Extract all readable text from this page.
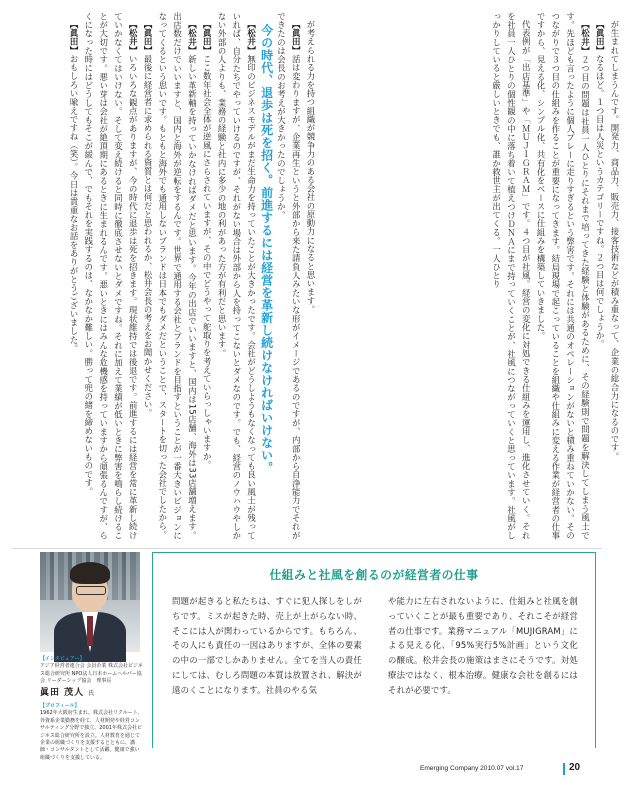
が考えられる力を持つ組織が競争力のある会社の原動力になると思います。

【眞田】話は変わりますが、企業再生というと外部から来た請負人みたいな形がイメージであるのですが、内部から自浄能力でそれができたのは会長のお考えが大きかったのでしょうか。

今の時代、退歩は死を招く。前進するには経営を革新し続けなければいけない。

【松井】無印のビジネスモデルがまだ生命力を持っていたことが大きかったです。会社がどうしようもなくなっても良い風土が残っていれば、自分たちでやっていけるのですが、それがない場合は外部から人を持ってこないとダメなのです。でも、経営のノウハウやしかない外部の人よりも、業務の経験と社内に多少の地の利があった方が有利だと思います。

【眞田】ここ数年社会全体が逆風にさらされていますが、その中でどうやって舵取りを考えていらっしゃいますか。

【松井】新しい革新軸を持っていかなければダメだと思います。今年の出店でいいますと、国内は15店舗、海外は33店舗増えます。出店数だけでいいますと、国内と海外が逆転をするんです。世界で通用する会社とブランドを目指すということが一番大きいビジョンになってくるという思いです。もともと海外でも通用しないブランドは日本でもダメだということで、スタートを切った会社でしたから。

【眞田】最後に経営者に求められる資質とは何だと思われるか、松井会長の考えをお聞かせください。

【松井】いろいろな観点がありますが、今の時代に退歩は死を招きます。現状維持では後退です。前進するには経営を常に革新し続けていかなくてはいけない。そして変え続けると同時に徹底させないとダメですね。それに加えて業績が低いときに弊害を鳴らし続けることが大切です。悪い芽は会社が絶頂期にあるときに生まれるんです。悪いときにはみんな危機感を持っていますから頑張るんですが、らくになった時にはどうしてもそこが緩んで、でもそれを実践するのは、なかなか難しい。勝って兜の緒を締めないものです。

【眞田】おもしろい喩えですね（笑）。今日は貴重なお話をありがとうございました。	が生まれてしまうんです。開発力、商品力、販売力、接客技術などが積み重なって、企業の総合力になるのです。

【眞田】なるほど。１つ目は人災というカテゴリーですね。２つ目は何でしょうか。

【松井】２つ目の問題は社員一人ひとりにそれまで培ってきた経験と体験があるために、その経験則で問題を解決してしまう風土です。先ほども言ったように個人プレーに走りすぎるという弊害です。それには共通のオペレーションがないと積み重ねていかない。そのつながりで３つ目の仕組みを作ることが重要になってきます。結局現場で起こっていることを組織や仕組みに変える作業が経営者の仕事ですから、見える化、シンプル化、共有化をベースに仕組みを構築していきました。

代表例が「出店基準」や「ＭＵＪＩＧＲＡＭ」です。４つ目が社風。経営の変化に対処できる仕組みを運用し、進化させていく。それを社員一人ひとりの個性観の中に落ち着いて植えつけＤＮＡにまで持っていくことが、社風につながっていくと思っています。社風がしっかりしていると厳しいときでも、誰か救世主が出てくる。一人ひとり

【インタビュアー】

アジア経営者連合会 会員企業 株式会社ビジネス総合研究所 NPO法人日本ホームヘルパー協会 リーダーシップ協会　理事長

眞田 茂人 氏
【プロフィール】

1962年大阪府生まれ。株式会社リクルート、外資系企業勤務を経て、人材開発や経営コンサルティング分野で独立、2001年株式会社ビジネス総合研究所を設立。人材教育を通じて企業の組織づくりを支援するとともに、講師・コンサルタントとして活躍。健康で強い組織づくりを支援している。

仕組みと社風を創るのが経営者の仕事

問題が起きると私たちは、すぐに犯人探しをしがちです。ミスが起きた時、売上が上がらない時、そこには人が関わっているからです。もちろん、その人にも責任の一因はありますが、全体の要素の中の一部でしかありません。全てを当人の責任にしては、むしろ問題の本質は放置され、解決が遠のくことになります。社員のやる気

や能力に左右されないように、仕組みと社風を創っていくことが最も重要であり、それこそが経営者の仕事です。業務マニュアル「MUJIGRAM」による見える化、「95%実行5%計画」という文化の醸成。松井会長の施策はまさにそうです。対処療法ではなく、根本治療。健康な会社を創るにはそれが必要です。

Emerging Company 2010.07 vol.17	20
